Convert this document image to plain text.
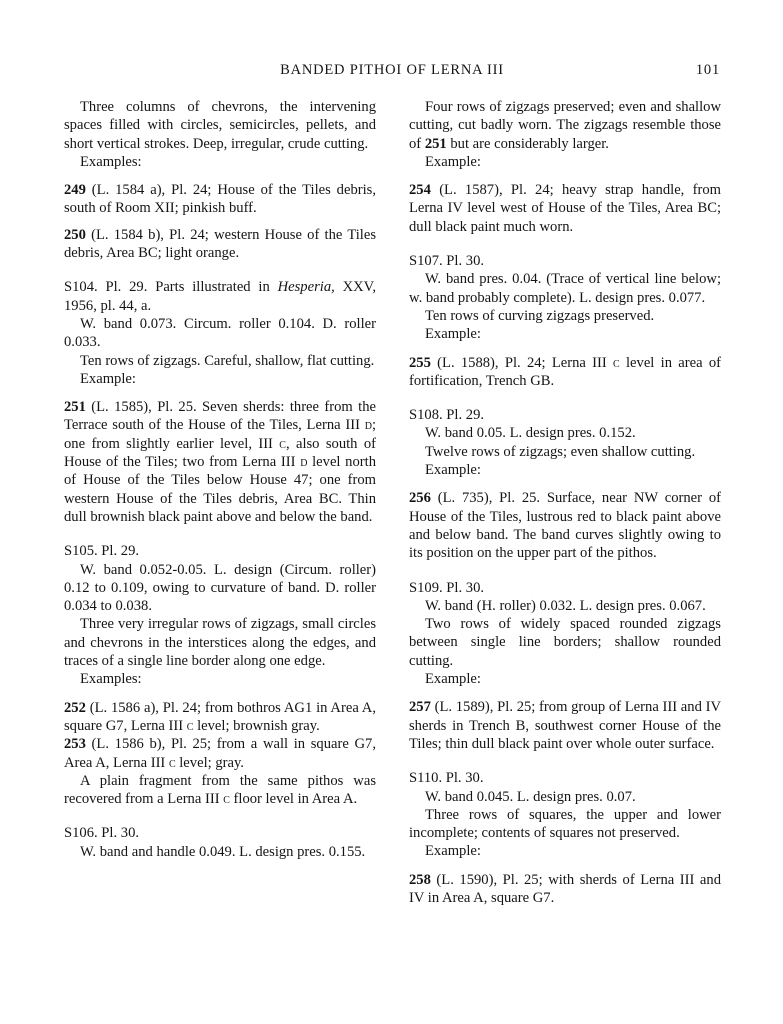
BANDED PITHOI OF LERNA III	101

Three columns of chevrons, the intervening spaces filled with circles, semicircles, pellets, and short vertical strokes. Deep, irregular, crude cutting.

Examples:

249 (L. 1584 a), Pl. 24; House of the Tiles debris, south of Room XII; pinkish buff.

250 (L. 1584 b), Pl. 24; western House of the Tiles debris, Area BC; light orange.

S104. Pl. 29. Parts illustrated in Hesperia, XXV, 1956, pl. 44, a.

W. band 0.073. Circum. roller 0.104. D. roller 0.033.

Ten rows of zigzags. Careful, shallow, flat cutting.

Example:

251 (L. 1585), Pl. 25. Seven sherds: three from the Terrace south of the House of the Tiles, Lerna III d; one from slightly earlier level, III c, also south of House of the Tiles; two from Lerna III d level north of House of the Tiles below House 47; one from western House of the Tiles debris, Area BC. Thin dull brownish black paint above and below the band.

S105. Pl. 29.

W. band 0.052-0.05. L. design (Circum. roller) 0.12 to 0.109, owing to curvature of band. D. roller 0.034 to 0.038.

Three very irregular rows of zigzags, small circles and chevrons in the interstices along the edges, and traces of a single line border along one edge.

Examples:

252 (L. 1586 a), Pl. 24; from bothros AG1 in Area A, square G7, Lerna III c level; brownish gray.

253 (L. 1586 b), Pl. 25; from a wall in square G7, Area A, Lerna III c level; gray.

A plain fragment from the same pithos was recovered from a Lerna III c floor level in Area A.

S106. Pl. 30.

W. band and handle 0.049. L. design pres. 0.155.

Four rows of zigzags preserved; even and shallow cutting, cut badly worn. The zigzags resemble those of 251 but are considerably larger.

Example:

254 (L. 1587), Pl. 24; heavy strap handle, from Lerna IV level west of House of the Tiles, Area BC; dull black paint much worn.

S107. Pl. 30.

W. band pres. 0.04. (Trace of vertical line below; w. band probably complete). L. design pres. 0.077.

Ten rows of curving zigzags preserved.

Example:

255 (L. 1588), Pl. 24; Lerna III c level in area of fortification, Trench GB.

S108. Pl. 29.

W. band 0.05. L. design pres. 0.152.

Twelve rows of zigzags; even shallow cutting.

Example:

256 (L. 735), Pl. 25. Surface, near NW corner of House of the Tiles, lustrous red to black paint above and below band. The band curves slightly owing to its position on the upper part of the pithos.

S109. Pl. 30.

W. band (H. roller) 0.032. L. design pres. 0.067.

Two rows of widely spaced rounded zigzags between single line borders; shallow rounded cutting.

Example:

257 (L. 1589), Pl. 25; from group of Lerna III and IV sherds in Trench B, southwest corner House of the Tiles; thin dull black paint over whole outer surface.

S110. Pl. 30.

W. band 0.045. L. design pres. 0.07.

Three rows of squares, the upper and lower incomplete; contents of squares not preserved.

Example:

258 (L. 1590), Pl. 25; with sherds of Lerna III and IV in Area A, square G7.
